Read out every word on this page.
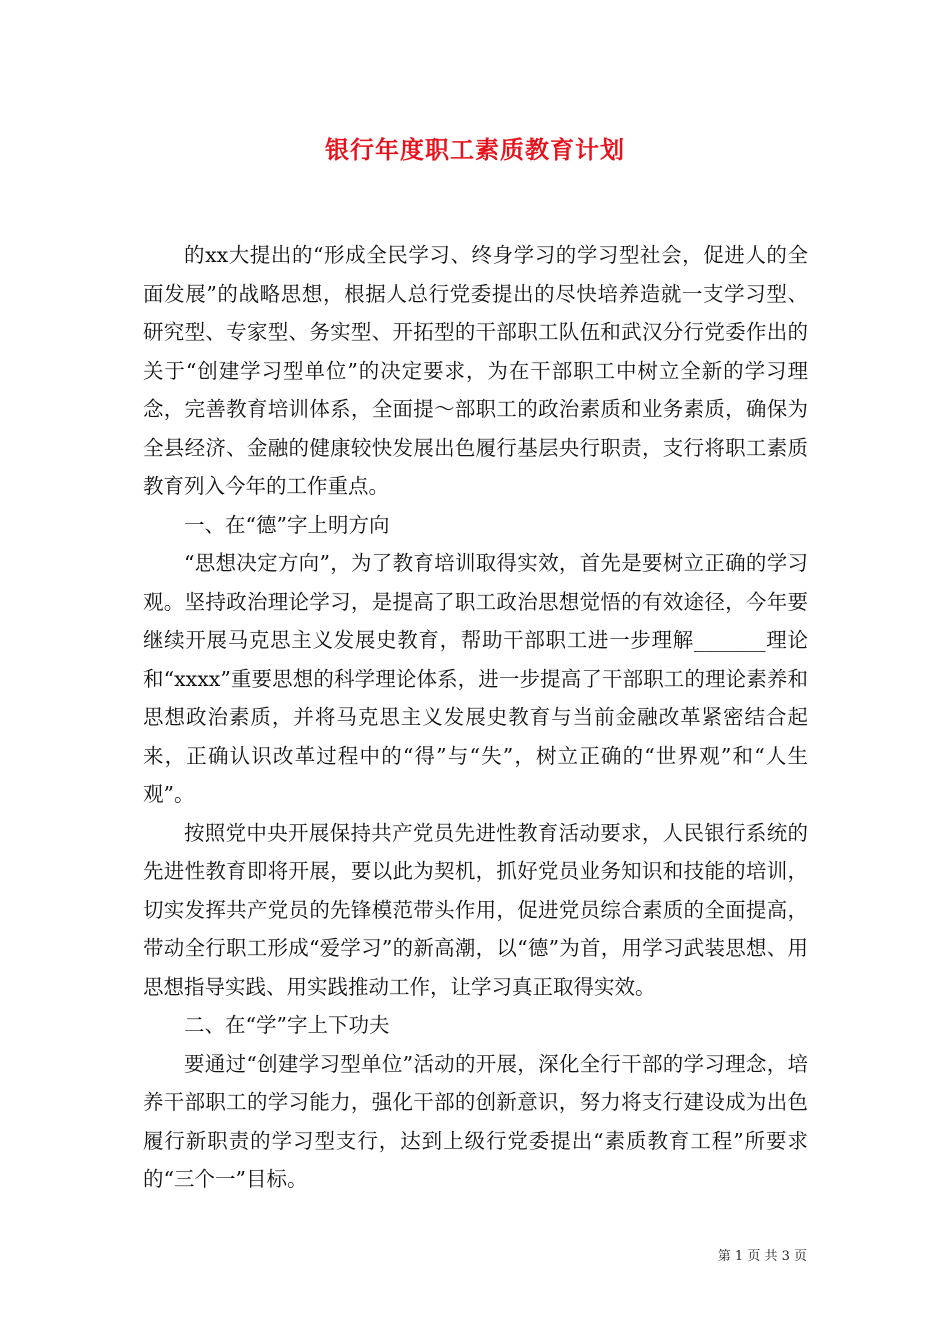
银行年度职工素质教育计划

的xx大提出的“形成全民学习、终身学习的学习型社会，促进人的全面发展”的战略思想，根据人总行党委提出的尽快培养造就一支学习型、研究型、专家型、务实型、开拓型的干部职工队伍和武汉分行党委作出的关于“创建学习型单位”的决定要求，为在干部职工中树立全新的学习理念，完善教育培训体系，全面提～部职工的政治素质和业务素质，确保为全县经济、金融的健康较快发展出色履行基层央行职责，支行将职工素质教育列入今年的工作重点。

一、在“德”字上明方向

“思想决定方向”，为了教育培训取得实效，首先是要树立正确的学习观。坚持政治理论学习，是提高了职工政治思想觉悟的有效途径，今年要继续开展马克思主义发展史教育，帮助干部职工进一步理解_______理论和“xxxx”重要思想的科学理论体系，进一步提高了干部职工的理论素养和思想政治素质，并将马克思主义发展史教育与当前金融改革紧密结合起来，正确认识改革过程中的“得”与“失”，树立正确的“世界观”和“人生观”。

按照党中央开展保持共产党员先进性教育活动要求，人民银行系统的先进性教育即将开展，要以此为契机，抓好党员业务知识和技能的培训，切实发挥共产党员的先锋模范带头作用，促进党员综合素质的全面提高，带动全行职工形成“爱学习”的新高潮，以“德”为首，用学习武装思想、用思想指导实践、用实践推动工作，让学习真正取得实效。

二、在“学”字上下功夫

要通过“创建学习型单位”活动的开展，深化全行干部的学习理念，培养干部职工的学习能力，强化干部的创新意识，努力将支行建设成为出色履行新职责的学习型支行，达到上级行党委提出“素质教育工程”所要求的“三个一”目标。

第 1 页 共 3 页
